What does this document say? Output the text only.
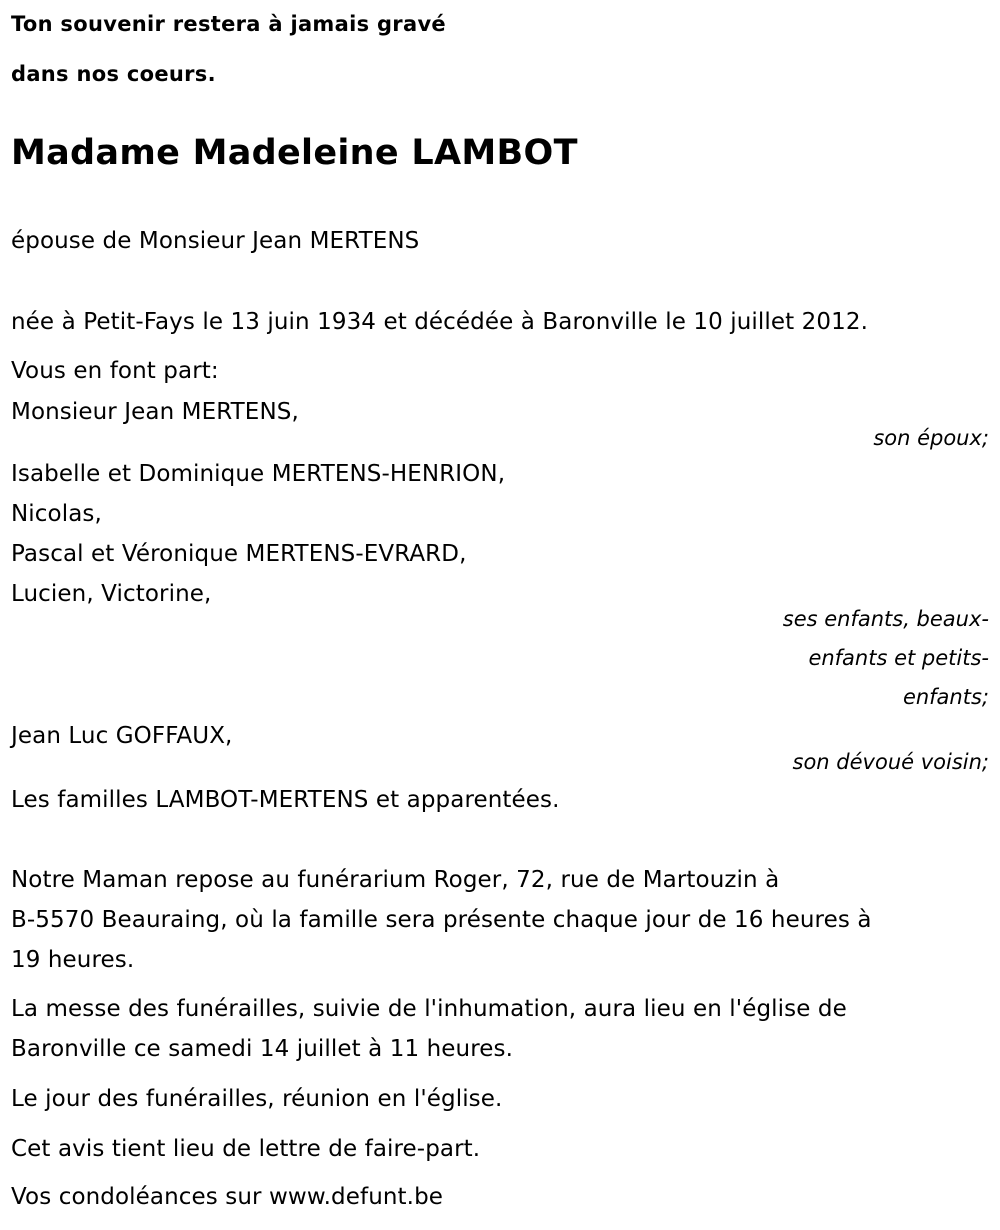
Ton souvenir restera à jamais gravé
dans nos coeurs.
Madame Madeleine LAMBOT
épouse de Monsieur Jean MERTENS
née à Petit-Fays le 13 juin 1934 et décédée à Baronville le 10 juillet 2012.
Vous en font part:
Monsieur Jean MERTENS,
son époux;
Isabelle et Dominique MERTENS-HENRION,
Nicolas,
Pascal et Véronique MERTENS-EVRARD,
Lucien, Victorine,
ses enfants, beaux-
enfants et petits-
enfants;
Jean Luc GOFFAUX,
son dévoué voisin;
Les familles LAMBOT-MERTENS et apparentées.
Notre Maman repose au funérarium Roger, 72, rue de Martouzin à
B-5570 Beauraing, où la famille sera présente chaque jour de 16 heures à
19 heures.
La messe des funérailles, suivie de l'inhumation, aura lieu en l'église de
Baronville ce samedi 14 juillet à 11 heures.
Le jour des funérailles, réunion en l'église.
Cet avis tient lieu de lettre de faire-part.
Vos condoléances sur www.defunt.be
